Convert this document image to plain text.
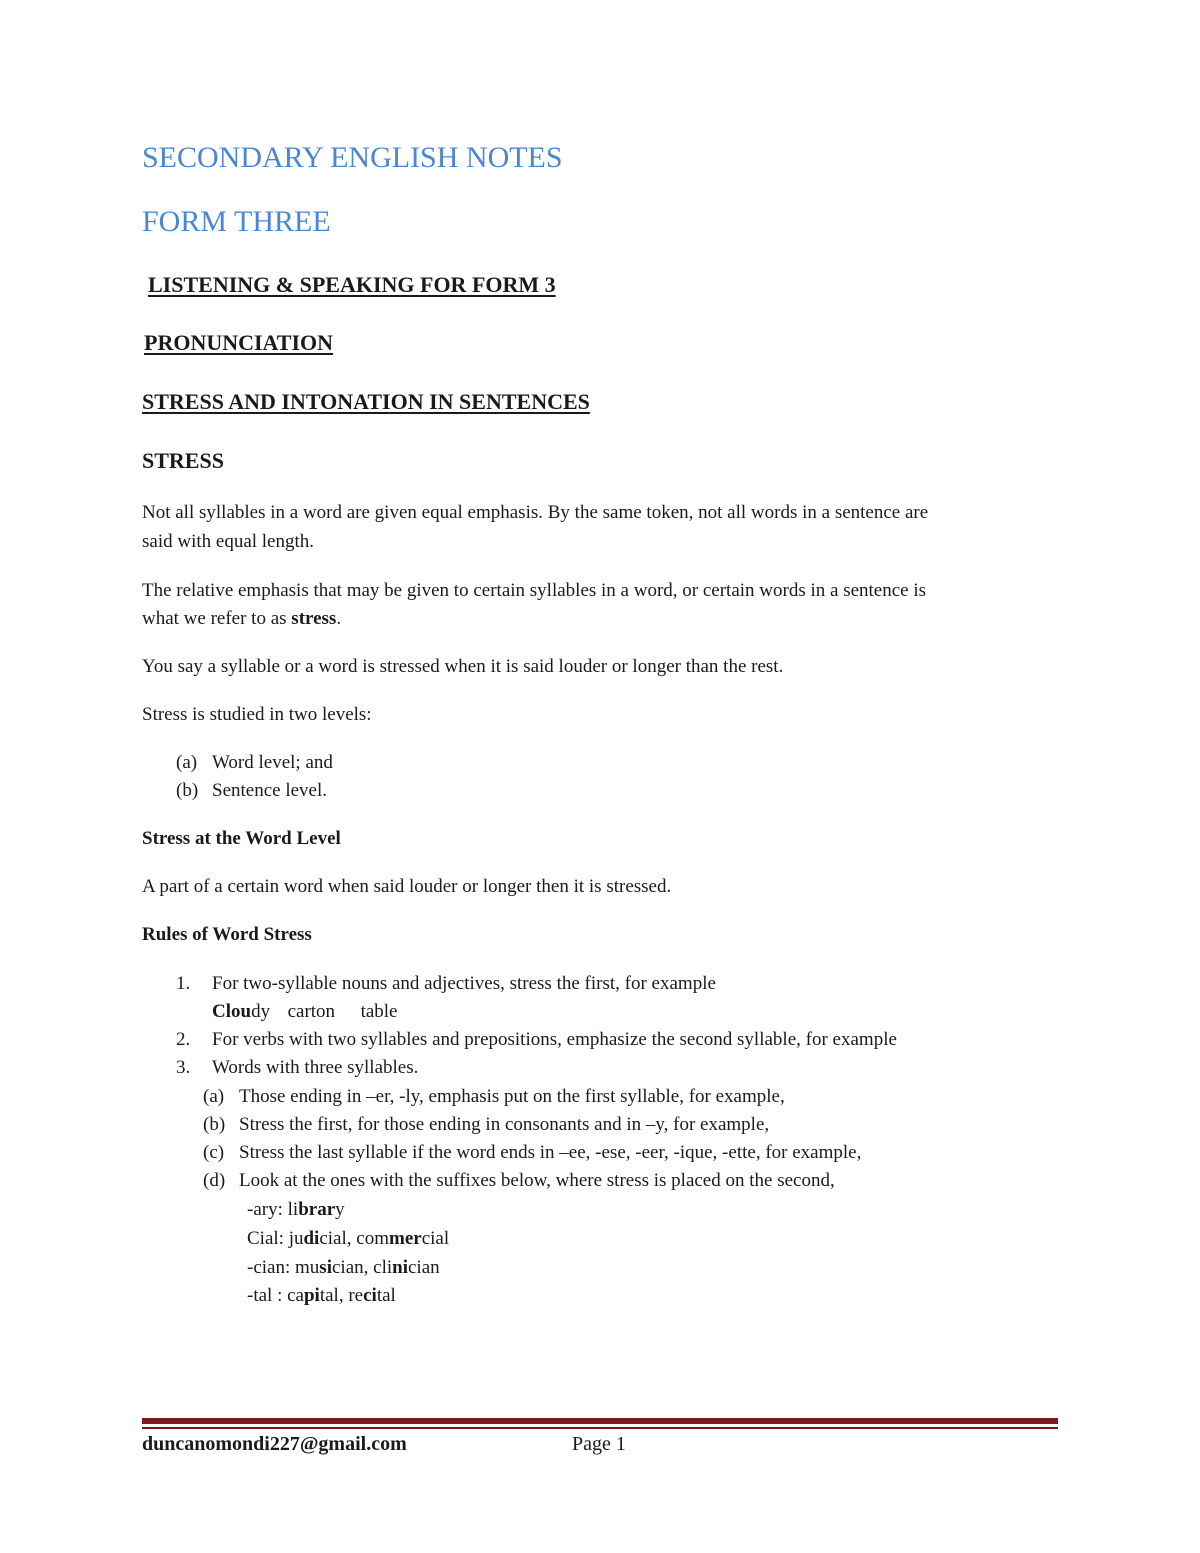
SECONDARY ENGLISH NOTES
FORM THREE
LISTENING & SPEAKING FOR FORM 3
PRONUNCIATION
STRESS AND INTONATION IN SENTENCES
STRESS
Not all syllables in a word are given equal emphasis. By the same token, not all words in a sentence are
said with equal length.
The relative emphasis that may be given to certain syllables in a word, or certain words in a sentence is
what we refer to as stress.
You say a syllable or a word is stressed when it is said louder or longer than the rest.
Stress is studied in two levels:
(a) Word level; and
(b) Sentence level.
Stress at the Word Level
A part of a certain word when said louder or longer then it is stressed.
Rules of Word Stress
1. For two-syllable nouns and adjectives, stress the first, for example
Cloudy carton table
2. For verbs with two syllables and prepositions, emphasize the second syllable, for example
3. Words with three syllables.
(a) Those ending in –er, -ly, emphasis put on the first syllable, for example,
(b) Stress the first, for those ending in consonants and in –y, for example,
(c) Stress the last syllable if the word ends in –ee, -ese, -eer, -ique, -ette, for example,
(d) Look at the ones with the suffixes below, where stress is placed on the second,
-ary: library
Cial: judicial, commercial
-cian: musician, clinician
-tal : capital, recital
duncanomondi227@gmail.com	Page 1
